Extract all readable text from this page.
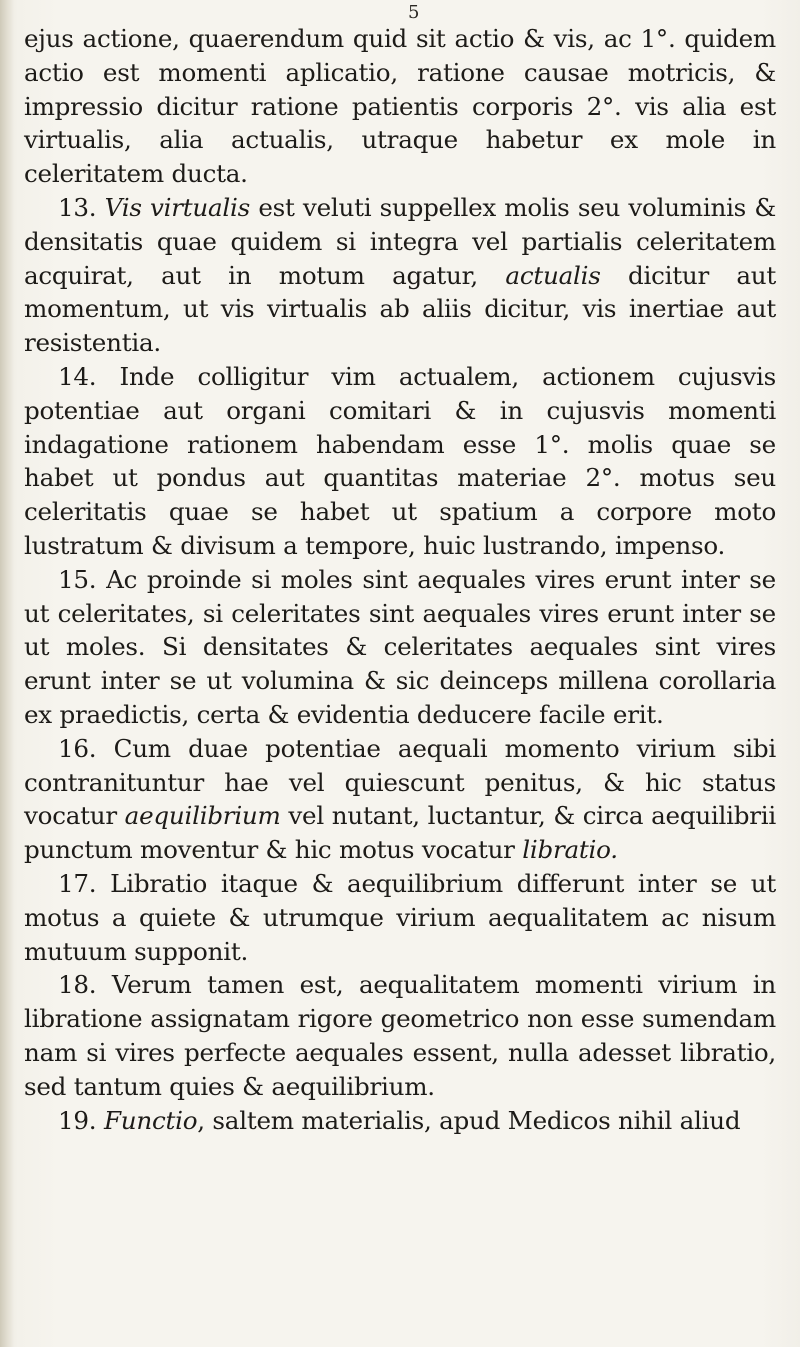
5

ejus actione, quaerendum quid sit actio & vis, ac 1°. quidem actio est momenti aplicatio, ratione causae motricis, & impressio dicitur ratione patientis corporis 2°. vis alia est virtualis, alia actualis, utraque habetur ex mole in celeritatem ducta.

13. Vis virtualis est veluti suppellex molis seu voluminis & densitatis quae quidem si integra vel partialis celeritatem acquirat, aut in motum agatur, actualis dicitur aut momentum, ut vis virtualis ab aliis dicitur, vis inertiae aut resistentia.

14. Inde colligitur vim actualem, actionem cujusvis potentiae aut organi comitari & in cujusvis momenti indagatione rationem habendam esse 1°. molis quae se habet ut pondus aut quantitas materiae 2°. motus seu celeritatis quae se habet ut spatium a corpore moto lustratum & divisum a tempore, huic lustrando, impenso.

15. Ac proinde si moles sint aequales vires erunt inter se ut celeritates, si celeritates sint aequales vires erunt inter se ut moles. Si densitates & celeritates aequales sint vires erunt inter se ut volumina & sic deinceps millena corollaria ex praedictis, certa & evidentia deducere facile erit.

16. Cum duae potentiae aequali momento virium sibi contranituntur hae vel quiescunt penitus, & hic status vocatur aequilibrium vel nutant, luctantur, & circa aequilibrii punctum moventur & hic motus vocatur libratio.

17. Libratio itaque & aequilibrium differunt inter se ut motus a quiete & utrumque virium aequalitatem ac nisum mutuum supponit.

18. Verum tamen est, aequalitatem momenti virium in libratione assignatam rigore geometrico non esse sumendam nam si vires perfecte aequales essent, nulla adesset libratio, sed tantum quies & aequilibrium.

19. Functio, saltem materialis, apud Medicos nihil aliud
